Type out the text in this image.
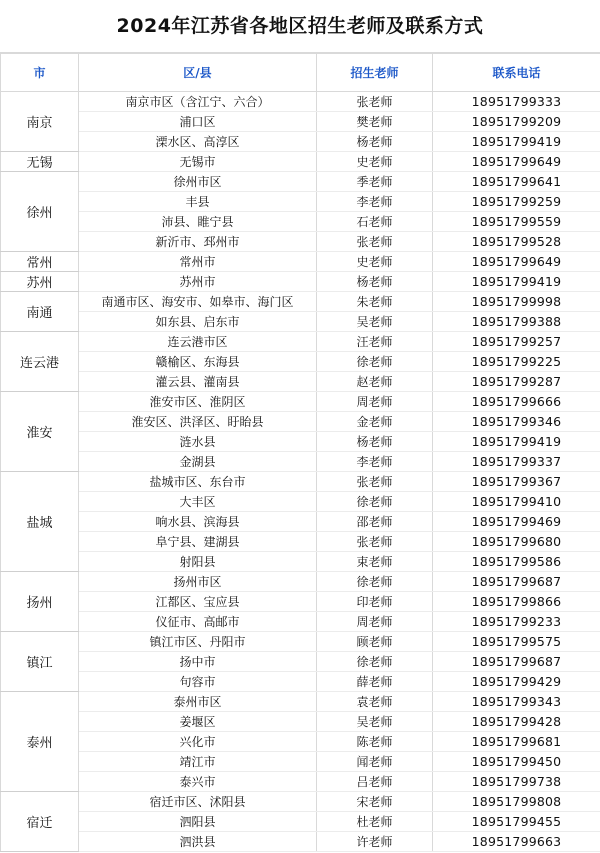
2024年江苏省各地区招生老师及联系方式
市	区/县	招生老师	联系电话
南京	南京市区（含江宁、六合）	张老师	18951799333
	浦口区	樊老师	18951799209
	溧水区、高淳区	杨老师	18951799419
无锡	无锡市	史老师	18951799649
徐州	徐州市区	季老师	18951799641
	丰县	李老师	18951799259
	沛县、睢宁县	石老师	18951799559
	新沂市、邳州市	张老师	18951799528
常州	常州市	史老师	18951799649
苏州	苏州市	杨老师	18951799419
南通	南通市区、海安市、如皋市、海门区	朱老师	18951799998
	如东县、启东市	吴老师	18951799388
连云港	连云港市区	汪老师	18951799257
	赣榆区、东海县	徐老师	18951799225
	灌云县、灌南县	赵老师	18951799287
淮安	淮安市区、淮阴区	周老师	18951799666
	淮安区、洪泽区、盱眙县	金老师	18951799346
	涟水县	杨老师	18951799419
	金湖县	李老师	18951799337
盐城	盐城市区、东台市	张老师	18951799367
	大丰区	徐老师	18951799410
	响水县、滨海县	邵老师	18951799469
	阜宁县、建湖县	张老师	18951799680
	射阳县	束老师	18951799586
扬州	扬州市区	徐老师	18951799687
	江都区、宝应县	印老师	18951799866
	仪征市、高邮市	周老师	18951799233
镇江	镇江市区、丹阳市	顾老师	18951799575
	扬中市	徐老师	18951799687
	句容市	薛老师	18951799429
泰州	泰州市区	袁老师	18951799343
	姜堰区	吴老师	18951799428
	兴化市	陈老师	18951799681
	靖江市	闻老师	18951799450
	泰兴市	吕老师	18951799738
宿迁	宿迁市区、沭阳县	宋老师	18951799808
	泗阳县	杜老师	18951799455
	泗洪县	许老师	18951799663
